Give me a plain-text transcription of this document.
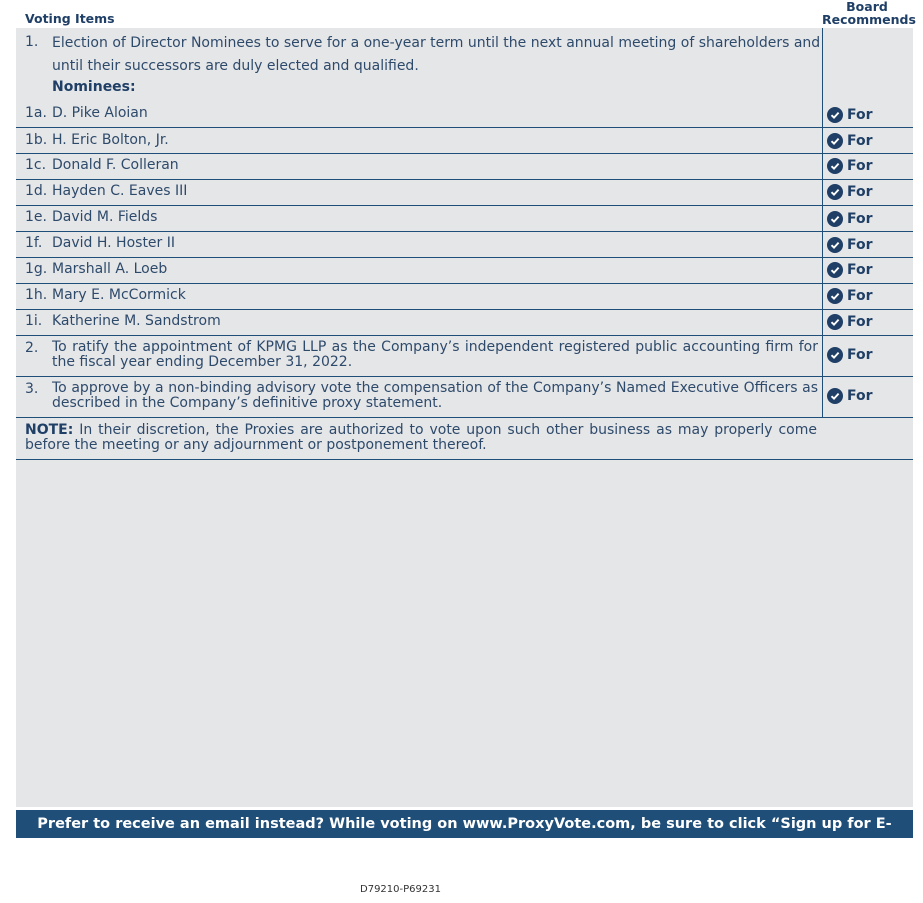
Voting Items
Board
Recommends
1. Election of Director Nominees to serve for a one-year term until the next annual meeting of shareholders and until their successors are duly elected and qualified.
Nominees:
1a. D. Pike Aloian	For
1b. H. Eric Bolton, Jr.	For
1c. Donald F. Colleran	For
1d. Hayden C. Eaves III	For
1e. David M. Fields	For
1f. David H. Hoster II	For
1g. Marshall A. Loeb	For
1h. Mary E. McCormick	For
1i. Katherine M. Sandstrom	For
2. To ratify the appointment of KPMG LLP as the Company’s independent registered public accounting firm for the fiscal year ending December 31, 2022.	For
3. To approve by a non-binding advisory vote the compensation of the Company’s Named Executive Officers as described in the Company’s definitive proxy statement.	For
NOTE: In their discretion, the Proxies are authorized to vote upon such other business as may properly come before the meeting or any adjournment or postponement thereof.
Prefer to receive an email instead? While voting on www.ProxyVote.com, be sure to click “Sign up for E-delivery”.
D79210-P69231
